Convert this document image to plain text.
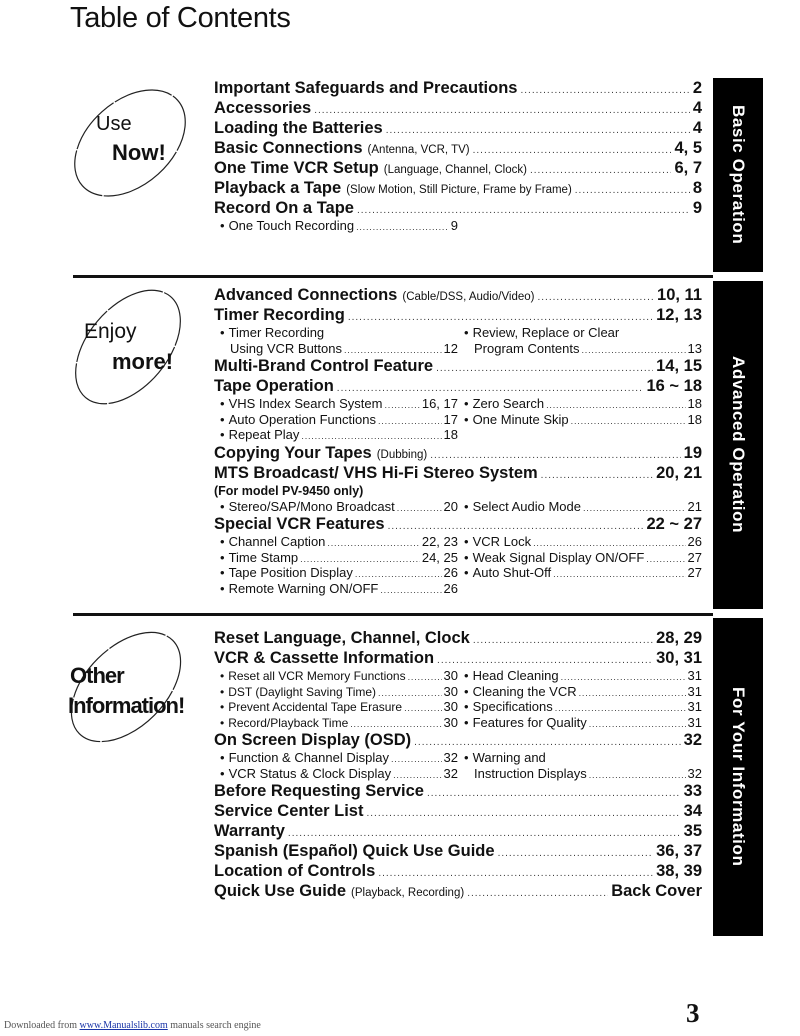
Table of Contents
Use
Now!
Enjoy
more!
Other
Information!
Basic Operation
Advanced Operation
For Your Information
Important Safeguards and Precautions .....	2
Accessories .....	4
Loading the Batteries .....	4
Basic Connections (Antenna, VCR, TV) .....	4, 5
One Time VCR Setup (Language, Channel, Clock) .....	6, 7
Playback a Tape (Slow Motion, Still Picture, Frame by Frame) .....	8
Record On a Tape .....	9
• One Touch Recording .....	9
Advanced Connections (Cable/DSS, Audio/Video) .....	10, 11
Timer Recording .....	12, 13
• Timer Recording
Using VCR Buttons .....	12
• Review, Replace or Clear
Program Contents .....	13
Multi-Brand Control Feature .....	14, 15
Tape Operation .....	16 ~ 18
• VHS Index Search System .....	16, 17 • Zero Search .....	18
• Auto Operation Functions .....	17 • One Minute Skip .....	18
• Repeat Play .....	18
Copying Your Tapes (Dubbing) .....	19
MTS Broadcast/ VHS Hi-Fi Stereo System .....	20, 21
(For model PV-9450 only)
• Stereo/SAP/Mono Broadcast .....	20 • Select Audio Mode .....	21
Special VCR Features .....	22 ~ 27
• Channel Caption .....	22, 23 • VCR Lock .....	26
• Time Stamp .....	24, 25 • Weak Signal Display ON/OFF .....	27
• Tape Position Display .....	26 • Auto Shut-Off .....	27
• Remote Warning ON/OFF .....	26
Reset Language, Channel, Clock .....	28, 29
VCR & Cassette Information .....	30, 31
• Reset all VCR Memory Functions .....	30 • Head Cleaning .....	31
• DST (Daylight Saving Time) .....	30 • Cleaning the VCR .....	31
• Prevent Accidental Tape Erasure .....	30 • Specifications .....	31
• Record/Playback Time .....	30 • Features for Quality .....	31
On Screen Display (OSD) .....	32
• Function & Channel Display .....	32 • Warning and
• VCR Status & Clock Display .....	32 Instruction Displays .....	32
Before Requesting Service .....	33
Service Center List .....	34
Warranty .....	35
Spanish (Español) Quick Use Guide .....	36, 37
Location of Controls .....	38, 39
Quick Use Guide (Playback, Recording) .....	Back Cover
3
Downloaded from www.Manualslib.com manuals search engine
